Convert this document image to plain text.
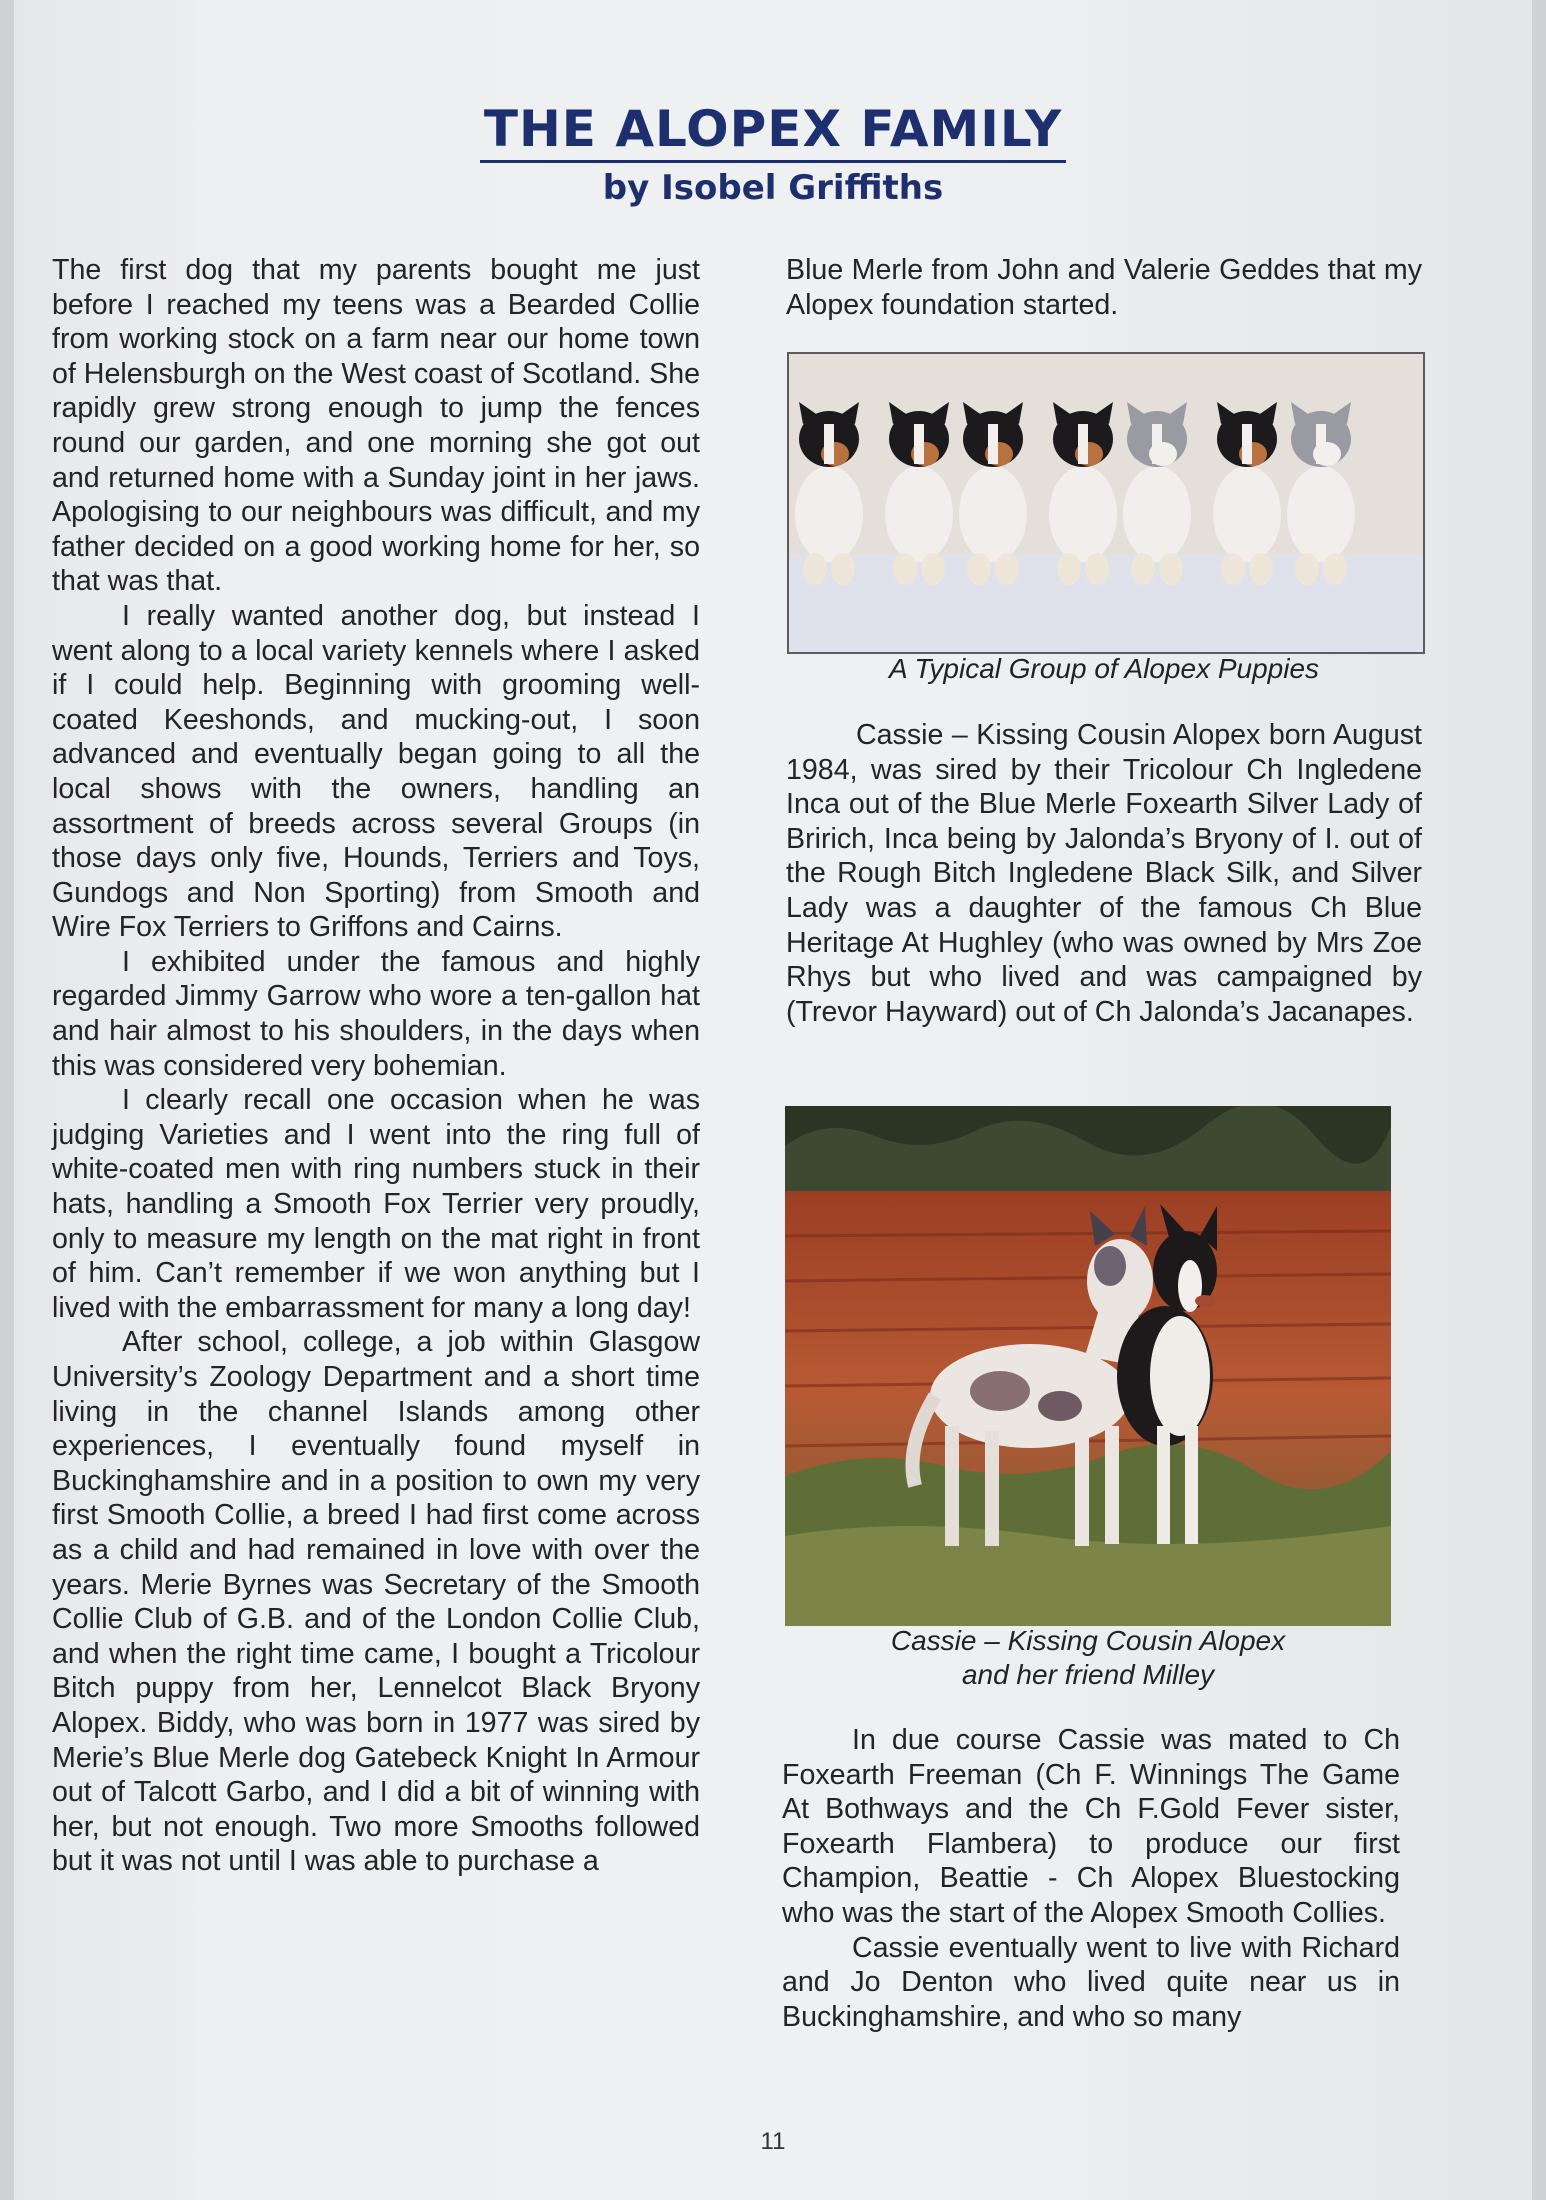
THE ALOPEX FAMILY
by Isobel Griffiths

The first dog that my parents bought me just before I reached my teens was a Bearded Collie from working stock on a farm near our home town of Helensburgh on the West coast of Scotland. She rapidly grew strong enough to jump the fences round our garden, and one morning she got out and returned home with a Sunday joint in her jaws. Apologising to our neighbours was difficult, and my father decided on a good working home for her, so that was that.

I really wanted another dog, but instead I went along to a local variety kennels where I asked if I could help. Beginning with grooming well-coated Keeshonds, and mucking-out, I soon advanced and eventually began going to all the local shows with the owners, handling an assortment of breeds across several Groups (in those days only five, Hounds, Terriers and Toys, Gundogs and Non Sporting) from Smooth and Wire Fox Terriers to Griffons and Cairns.

I exhibited under the famous and highly regarded Jimmy Garrow who wore a ten-gallon hat and hair almost to his shoulders, in the days when this was considered very bohemian.

I clearly recall one occasion when he was judging Varieties and I went into the ring full of white-coated men with ring numbers stuck in their hats, handling a Smooth Fox Terrier very proudly, only to measure my length on the mat right in front of him. Can’t remember if we won anything but I lived with the embarrassment for many a long day!

After school, college, a job within Glasgow University’s Zoology Department and a short time living in the channel Islands among other experiences, I eventually found myself in Buckinghamshire and in a position to own my very first Smooth Collie, a breed I had first come across as a child and had remained in love with over the years. Merie Byrnes was Secretary of the Smooth Collie Club of G.B. and of the London Collie Club, and when the right time came, I bought a Tricolour Bitch puppy from her, Lennelcot Black Bryony Alopex. Biddy, who was born in 1977 was sired by Merie’s Blue Merle dog Gatebeck Knight In Armour out of Talcott Garbo, and I did a bit of winning with her, but not enough. Two more Smooths followed but it was not until I was able to purchase a

Blue Merle from John and Valerie Geddes that my Alopex foundation started.

A Typical Group of Alopex Puppies

Cassie – Kissing Cousin Alopex born August 1984, was sired by their Tricolour Ch Ingledene Inca out of the Blue Merle Foxearth Silver Lady of Bririch, Inca being by Jalonda’s Bryony of I. out of the Rough Bitch Ingledene Black Silk, and Silver Lady was a daughter of the famous Ch Blue Heritage At Hughley (who was owned by Mrs Zoe Rhys but who lived and was campaigned by (Trevor Hayward) out of Ch Jalonda’s Jacanapes.

Cassie – Kissing Cousin Alopex
and her friend Milley

In due course Cassie was mated to Ch Foxearth Freeman (Ch F. Winnings The Game At Bothways and the Ch F.Gold Fever sister, Foxearth Flambera) to produce our first Champion, Beattie - Ch Alopex Bluestocking who was the start of the Alopex Smooth Collies.

Cassie eventually went to live with Richard and Jo Denton who lived quite near us in Buckinghamshire, and who so many

11
